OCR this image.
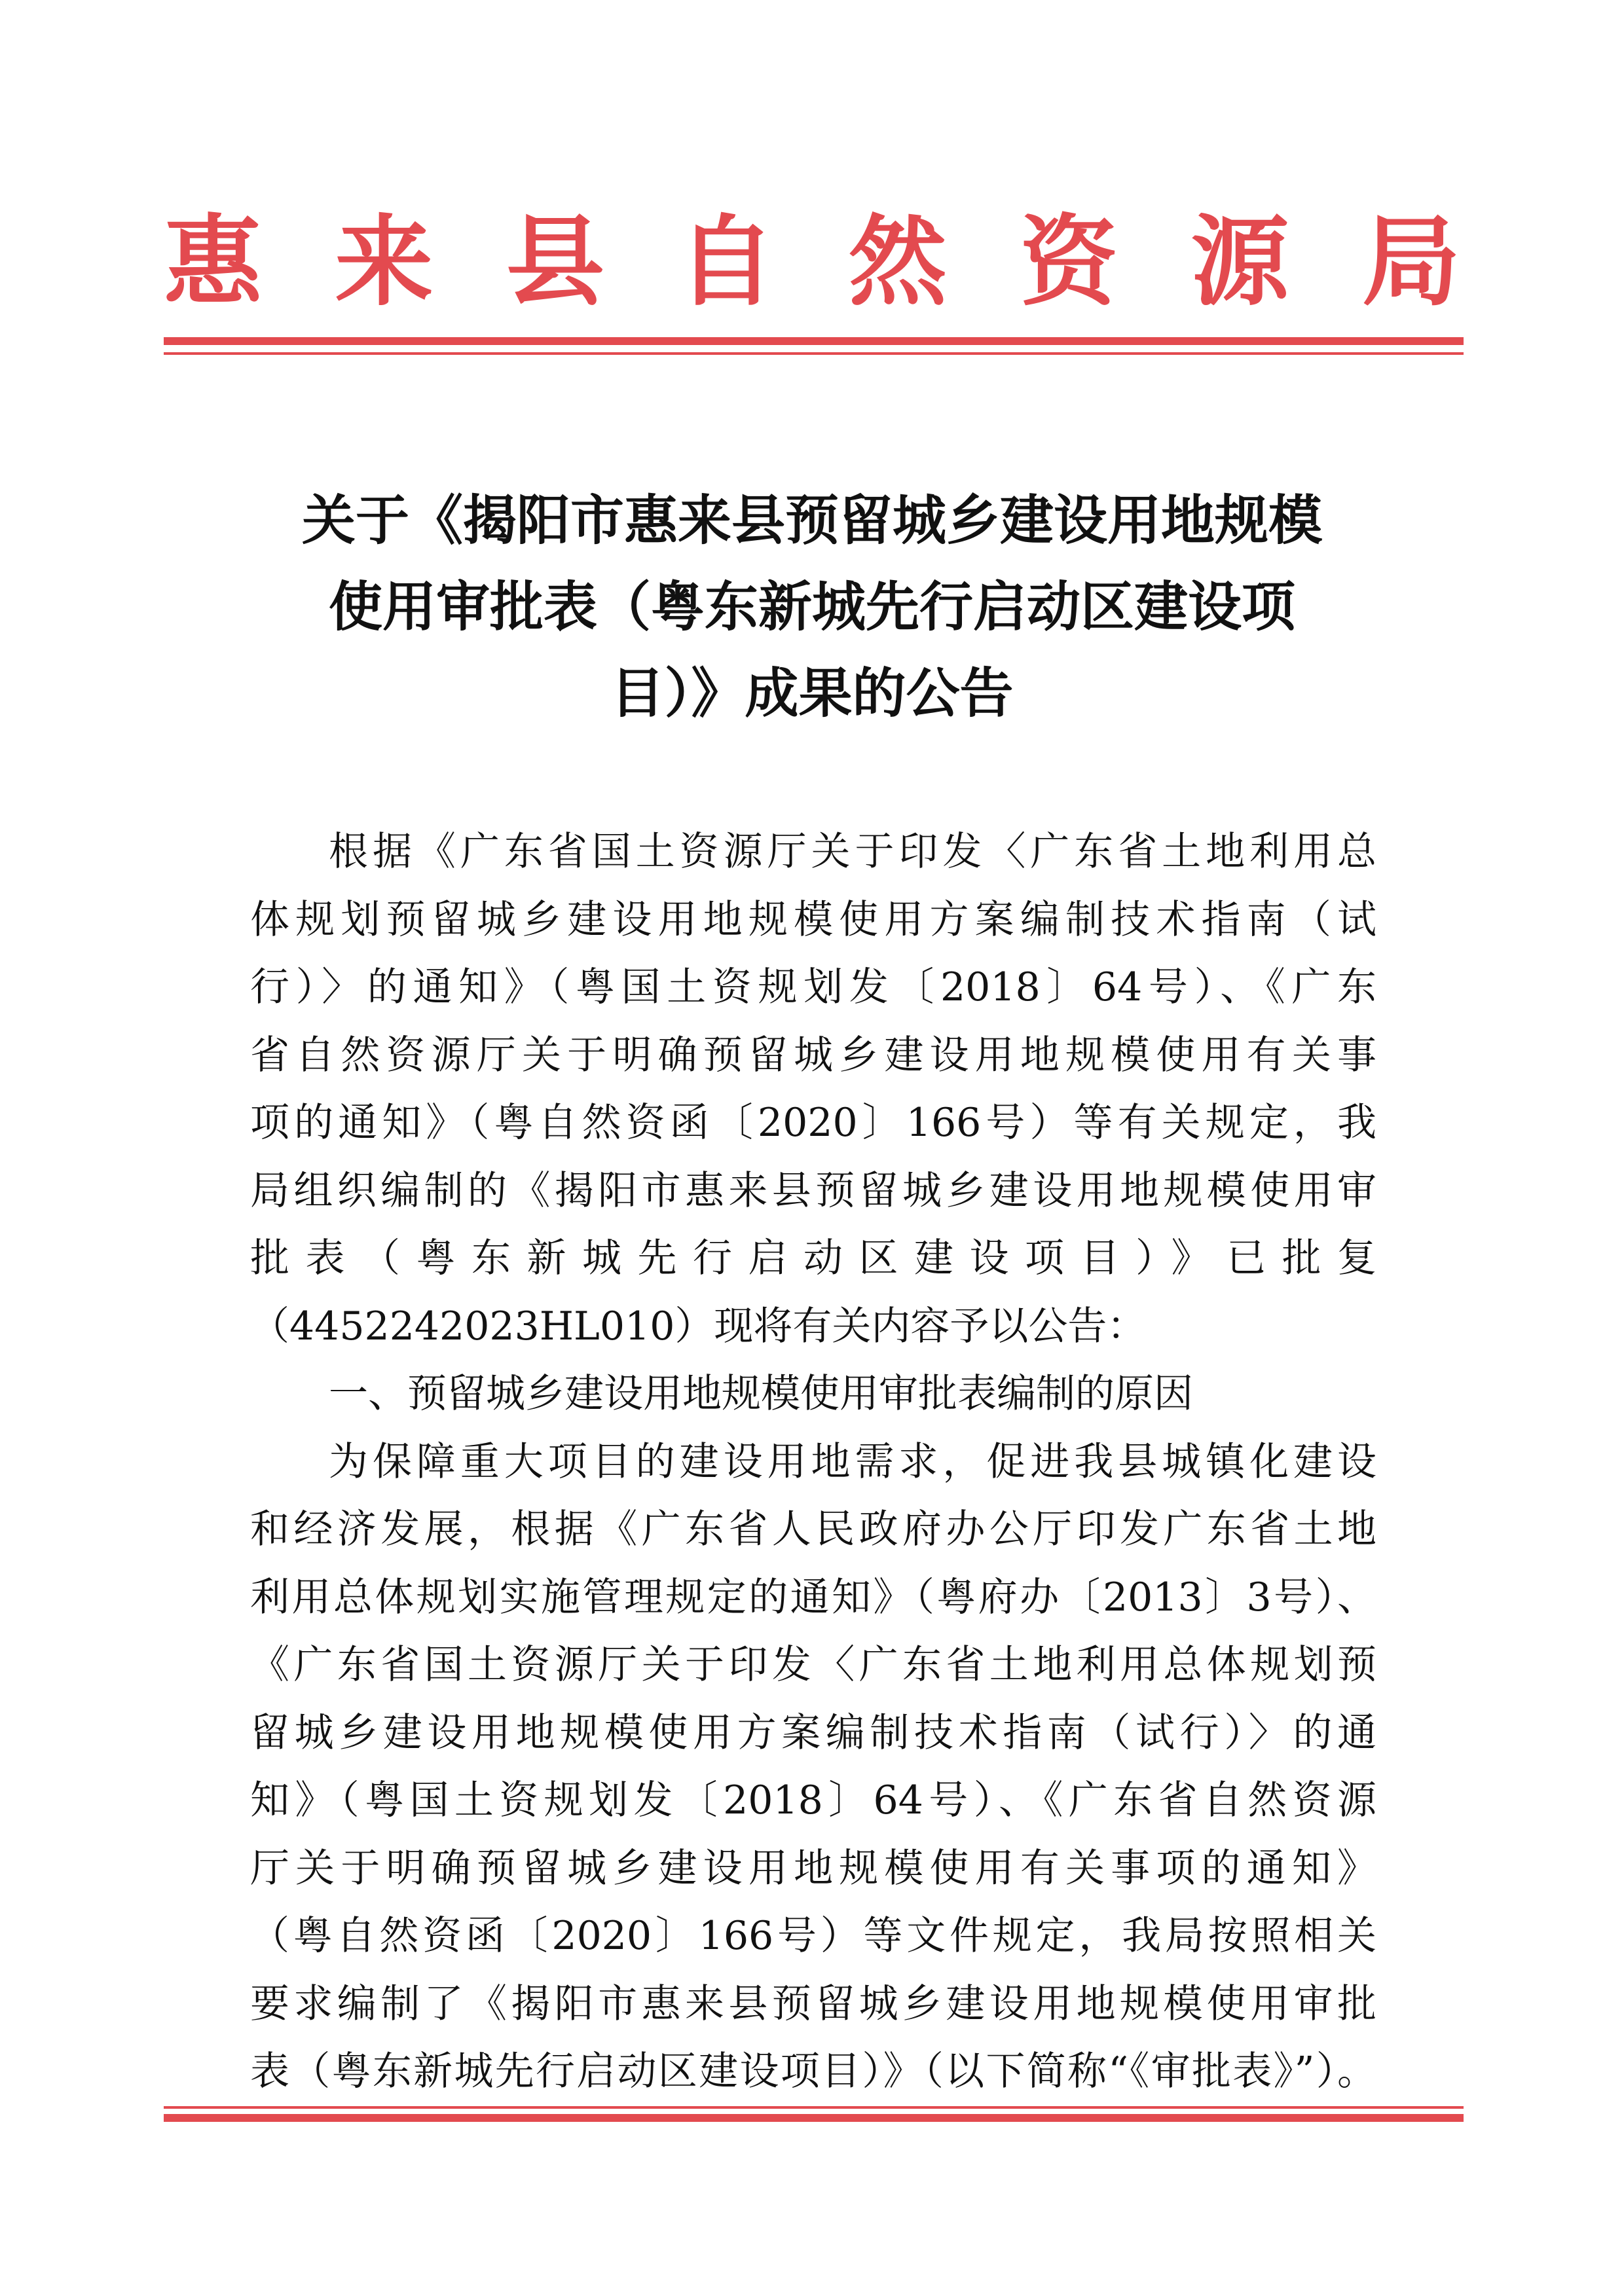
惠 来 县 自 然 资 源 局
关于《揭阳市惠来县预留城乡建设用地规模
使用审批表（粤东新城先行启动区建设项
目）》成果的公告
根据《广东省国土资源厅关于印发〈广东省土地利用总
体规划预留城乡建设用地规模使用方案编制技术指南（试
行）〉的通知》（粤国土资规划发〔2018〕64号）、《广东
省自然资源厅关于明确预留城乡建设用地规模使用有关事
项的通知》（粤自然资函〔2020〕166号）等有关规定，我
局组织编制的《揭阳市惠来县预留城乡建设用地规模使用审
批表（粤东新城先行启动区建设项目）》已批复
（4452242023HL010）现将有关内容予以公告：
一、预留城乡建设用地规模使用审批表编制的原因
为保障重大项目的建设用地需求，促进我县城镇化建设
和经济发展，根据《广东省人民政府办公厅印发广东省土地
利用总体规划实施管理规定的通知》（粤府办〔2013〕3号）、
《广东省国土资源厅关于印发〈广东省土地利用总体规划预
留城乡建设用地规模使用方案编制技术指南（试行）〉的通
知》（粤国土资规划发〔2018〕64号）、《广东省自然资源
厅关于明确预留城乡建设用地规模使用有关事项的通知》
（粤自然资函〔2020〕166号）等文件规定，我局按照相关
要求编制了《揭阳市惠来县预留城乡建设用地规模使用审批
表（粤东新城先行启动区建设项目）》（以下简称“《审批表》”）。
